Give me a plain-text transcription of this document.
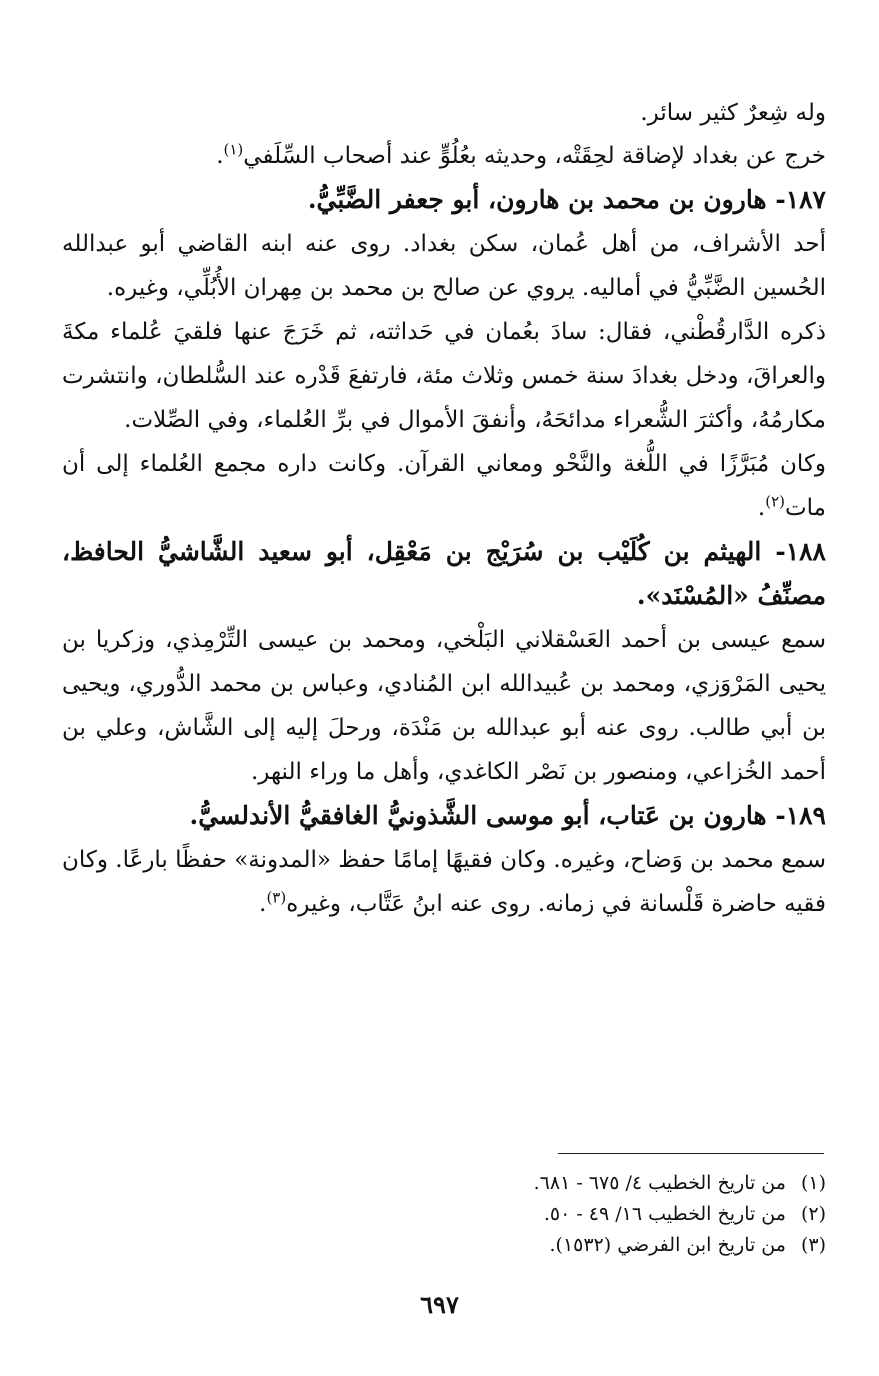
وله شِعرٌ كثير سائر.

خرج عن بغداد لإضاقة لحِقَتْه، وحديثه بعُلُوٍّ عند أصحاب السِّلَفي$^{(١)}$.

١٨٧- هارون بن محمد بن هارون، أبو جعفر الضَّبِّيُّ.

أحد الأشراف، من أهل عُمان، سكن بغداد. روى عنه ابنه القاضي أبو عبدالله الحُسين الضَّبِّيُّ في أماليه. يروي عن صالح بن محمد بن مِهران الأُبُلِّي، وغيره.

ذكره الدَّارقُطْني، فقال: سادَ بعُمان في حَداثته، ثم خَرَجَ عنها فلقيَ عُلماء مكةَ والعراقَ، ودخل بغدادَ سنة خمس وثلاث مئة، فارتفعَ قَدْره عند السُّلطان، وانتشرت مكارمُهُ، وأكثرَ الشُّعراء مدائحَهُ، وأنفقَ الأموال في برِّ العُلماء، وفي الصِّلات.

وكان مُبَرَّزًا في اللُّغة والنَّحْو ومعاني القرآن. وكانت داره مجمع العُلماء إلى أن مات$^{(٢)}$.

١٨٨- الهيثم بن كُلَيْب بن سُرَيْج بن مَعْقِل، أبو سعيد الشَّاشيُّ الحافظ، مصنِّفُ «المُسْنَد».

سمع عيسى بن أحمد العَسْقلاني البَلْخي، ومحمد بن عيسى التِّرْمِذي، وزكريا بن يحيى المَرْوَزي، ومحمد بن عُبيدالله ابن المُنادي، وعباس بن محمد الدُّوري، ويحيى بن أبي طالب. روى عنه أبو عبدالله بن مَنْدَة، ورحلَ إليه إلى الشَّاش، وعلي بن أحمد الخُزاعي، ومنصور بن نَصْر الكاغدي، وأهل ما وراء النهر.

١٨٩- هارون بن عَتاب، أبو موسى الشَّذونيُّ الغافقيُّ الأندلسيُّ.

سمع محمد بن وَضاح، وغيره. وكان فقيهًا إمامًا حفظ «المدونة» حفظًا بارعًا. وكان فقيه حاضرة قَلْسانة في زمانه. روى عنه ابنُ عَتَّاب، وغيره$^{(٣)}$.

(١) من تاريخ الخطيب ٤/ ٦٧٥ - ٦٨١.

(٢) من تاريخ الخطيب ١٦/ ٤٩ - ٥٠.

(٣) من تاريخ ابن الفرضي (١٥٣٢).

٦٩٧
